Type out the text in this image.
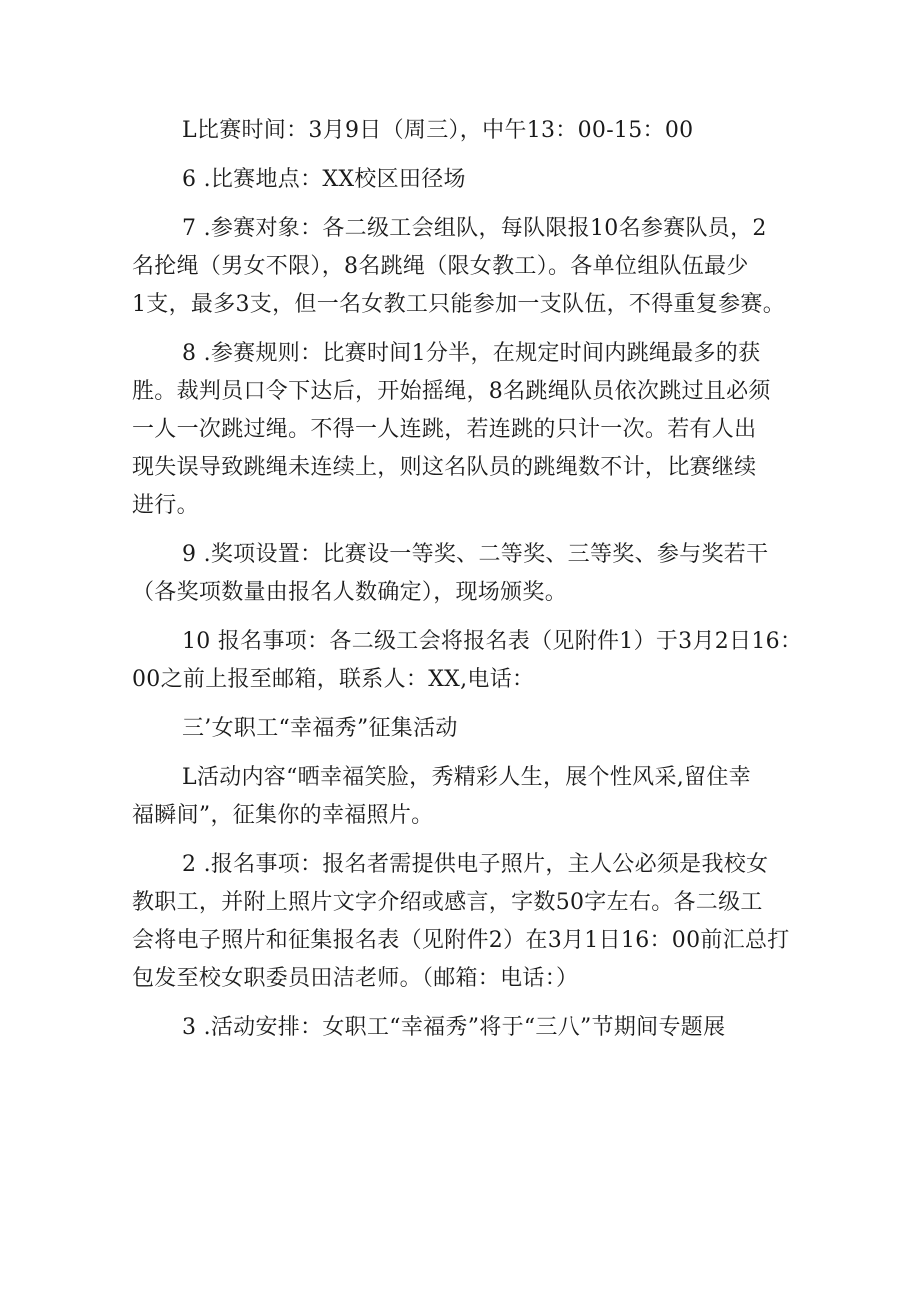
L比赛时间：3月9日（周三），中午13：00-15：00

6 .比赛地点：XX校区田径场

7 .参赛对象：各二级工会组队，每队限报10名参赛队员，2
名抡绳（男女不限），8名跳绳（限女教工）。各单位组队伍最少
1支，最多3支，但一名女教工只能参加一支队伍，不得重复参赛。

8 .参赛规则：比赛时间1分半，在规定时间内跳绳最多的获
胜。裁判员口令下达后，开始摇绳，8名跳绳队员依次跳过且必须
一人一次跳过绳。不得一人连跳，若连跳的只计一次。若有人出
现失误导致跳绳未连续上，则这名队员的跳绳数不计，比赛继续
进行。

9 .奖项设置：比赛设一等奖、二等奖、三等奖、参与奖若干
（各奖项数量由报名人数确定），现场颁奖。

10 报名事项：各二级工会将报名表（见附件1）于3月2日16：
00之前上报至邮箱，联系人：XX,电话：

三’女职工“幸福秀”征集活动

L活动内容“晒幸福笑脸，秀精彩人生，展个性风采,留住幸
福瞬间”，征集你的幸福照片。

2 .报名事项：报名者需提供电子照片，主人公必须是我校女
教职工，并附上照片文字介绍或感言，字数50字左右。各二级工
会将电子照片和征集报名表（见附件2）在3月1日16：00前汇总打
包发至校女职委员田洁老师。（邮箱：电话：）

3 .活动安排：女职工“幸福秀”将于“三八”节期间专题展
